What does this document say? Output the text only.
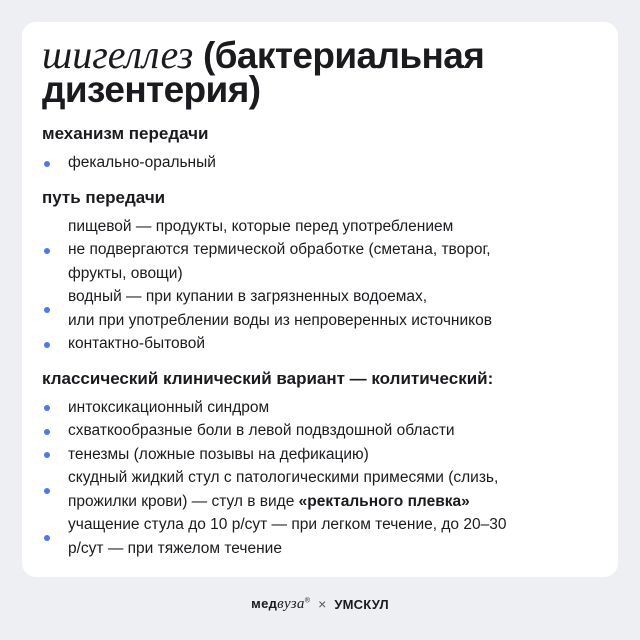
шигеллез (бактериальная
дизентерия)
механизм передачи
фекально-оральный
путь передачи
пищевой — продукты, которые перед употреблением
не подвергаются термической обработке (сметана, творог,
фрукты, овощи)
водный — при купании в загрязненных водоемах,
или при употреблении воды из непроверенных источников
контактно-бытовой
классический клинический вариант — колитический:
интоксикационный синдром
схваткообразные боли в левой подвздошной области
тенезмы (ложные позывы на дефикацию)
скудный жидкий стул с патологическими примесями (слизь,
прожилки крови) — стул в виде «ректального плевка»
учащение стула до 10 р/сут — при легком течение, до 20–30
р/сут — при тяжелом течение
медвуза® × УМСКУЛ
